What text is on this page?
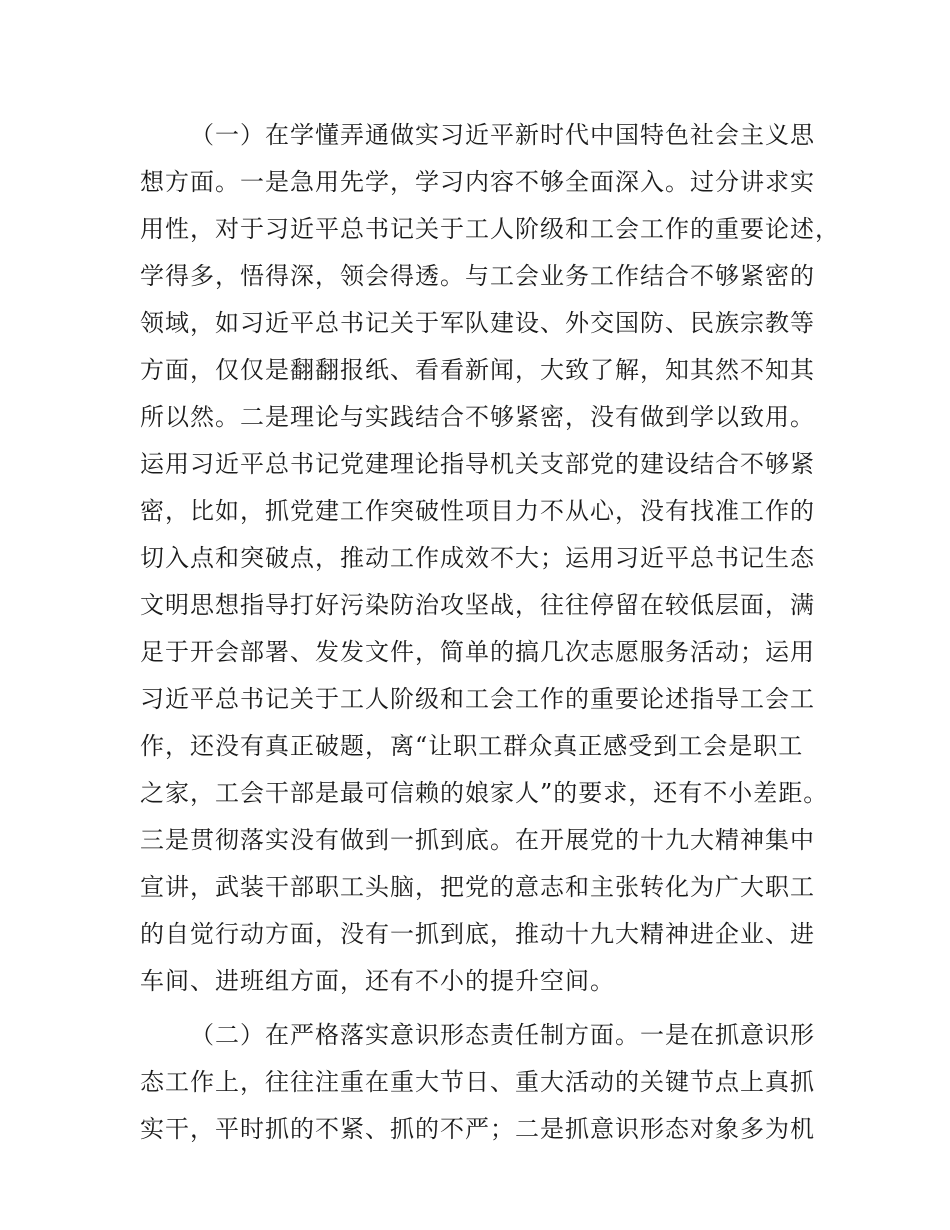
（一）在学懂弄通做实习近平新时代中国特色社会主义思
想方面。一是急用先学，学习内容不够全面深入。过分讲求实
用性，对于习近平总书记关于工人阶级和工会工作的重要论述，
学得多，悟得深，领会得透。与工会业务工作结合不够紧密的
领域，如习近平总书记关于军队建设、外交国防、民族宗教等
方面，仅仅是翻翻报纸、看看新闻，大致了解，知其然不知其
所以然。二是理论与实践结合不够紧密，没有做到学以致用。
运用习近平总书记党建理论指导机关支部党的建设结合不够紧
密，比如，抓党建工作突破性项目力不从心，没有找准工作的
切入点和突破点，推动工作成效不大；运用习近平总书记生态
文明思想指导打好污染防治攻坚战，往往停留在较低层面，满
足于开会部署、发发文件，简单的搞几次志愿服务活动；运用
习近平总书记关于工人阶级和工会工作的重要论述指导工会工
作，还没有真正破题，离“让职工群众真正感受到工会是职工
之家，工会干部是最可信赖的娘家人”的要求，还有不小差距。
三是贯彻落实没有做到一抓到底。在开展党的十九大精神集中
宣讲，武装干部职工头脑，把党的意志和主张转化为广大职工
的自觉行动方面，没有一抓到底，推动十九大精神进企业、进
车间、进班组方面，还有不小的提升空间。
（二）在严格落实意识形态责任制方面。一是在抓意识形
态工作上，往往注重在重大节日、重大活动的关键节点上真抓
实干，平时抓的不紧、抓的不严；二是抓意识形态对象多为机
